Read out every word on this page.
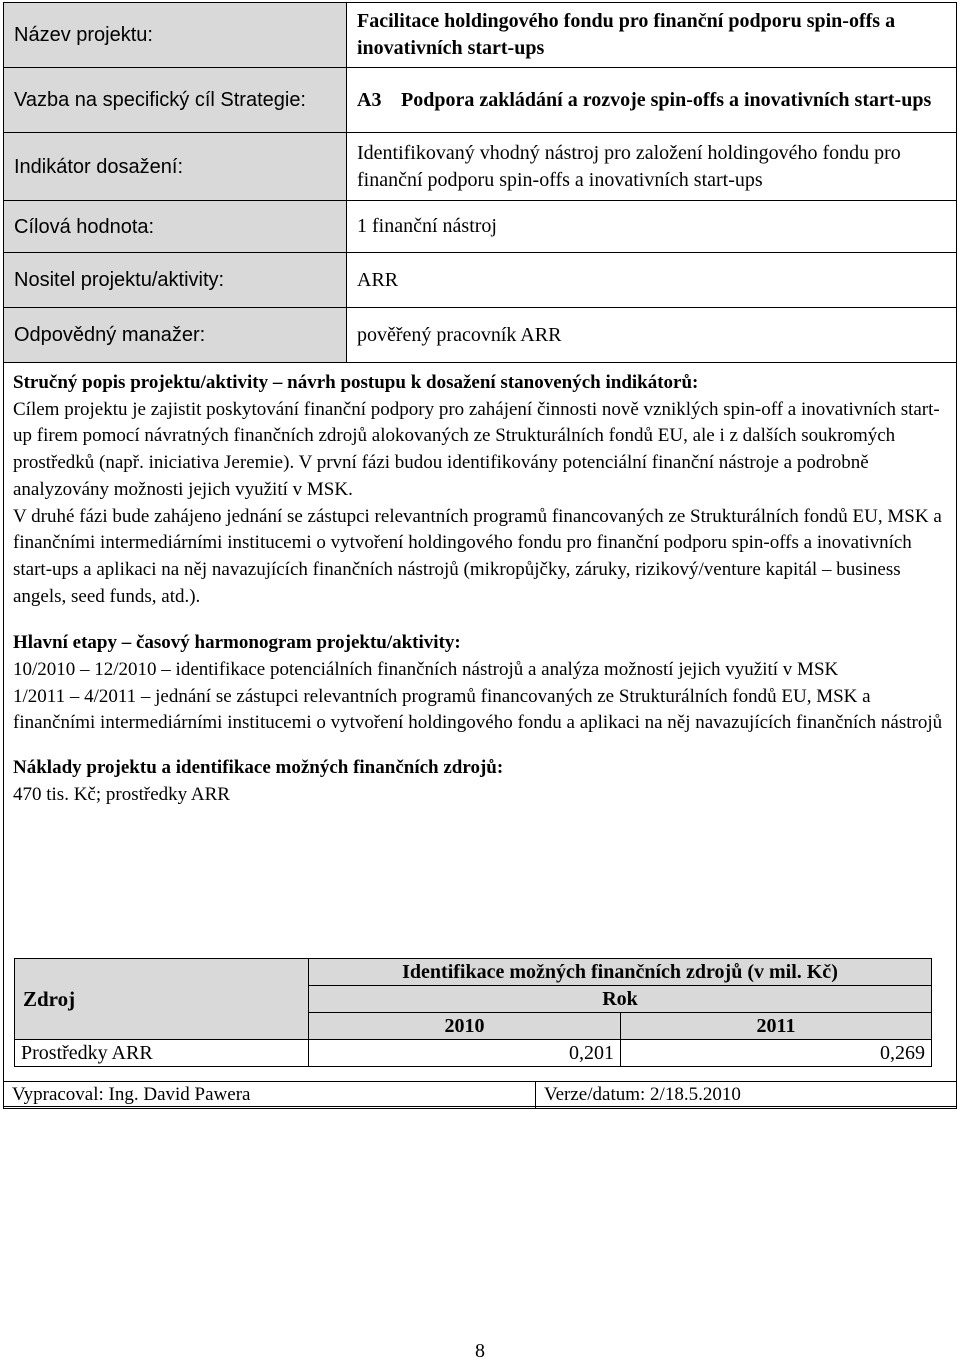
Název projektu:	Facilitace holdingového fondu pro finanční podporu spin-offs a inovativních start-ups

Vazba na specifický cíl Strategie:	A3 Podpora zakládání a rozvoje spin-offs a inovativních start-ups

Indikátor dosažení:	Identifikovaný vhodný nástroj pro založení holdingového fondu pro finanční podporu spin-offs a inovativních start-ups
Cílová hodnota:	1 finanční nástroj
Nositel projektu/aktivity:	ARR
Odpovědný manažer:	pověřený pracovník ARR

Stručný popis projektu/aktivity – návrh postupu k dosažení stanovených indikátorů:

Cílem projektu je zajistit poskytování finanční podpory pro zahájení činnosti nově vzniklých spin-off a inovativních start-up firem pomocí návratných finančních zdrojů alokovaných ze Strukturálních fondů EU, ale i z dalších soukromých prostředků (např. iniciativa Jeremie). V první fázi budou identifikovány potenciální finanční nástroje a podrobně analyzovány možnosti jejich využití v MSK.

V druhé fázi bude zahájeno jednání se zástupci relevantních programů financovaných ze Strukturálních fondů EU, MSK a finančními intermediárními institucemi o vytvoření holdingového fondu pro finanční podporu spin-offs a inovativních start-ups a aplikaci na něj navazujících finančních nástrojů (mikropůjčky, záruky, rizikový/venture kapitál – business angels, seed funds, atd.).

Hlavní etapy – časový harmonogram projektu/aktivity:

10/2010 – 12/2010 – identifikace potenciálních finančních nástrojů a analýza možností jejich využití v MSK

1/2011 – 4/2011 – jednání se zástupci relevantních programů financovaných ze Strukturálních fondů EU, MSK a finančními intermediárními institucemi o vytvoření holdingového fondu a aplikaci na něj navazujících finančních nástrojů

Náklady projektu a identifikace možných finančních zdrojů:

470 tis. Kč; prostředky ARR

Zdroj	Identifikace možných finančních zdrojů (v mil. Kč)	
	Rok	
	2010	2011
Prostředky ARR	0,201	0,269
Vypracoval: Ing. David Pawera	Verze/datum: 2/18.5.2010
8
